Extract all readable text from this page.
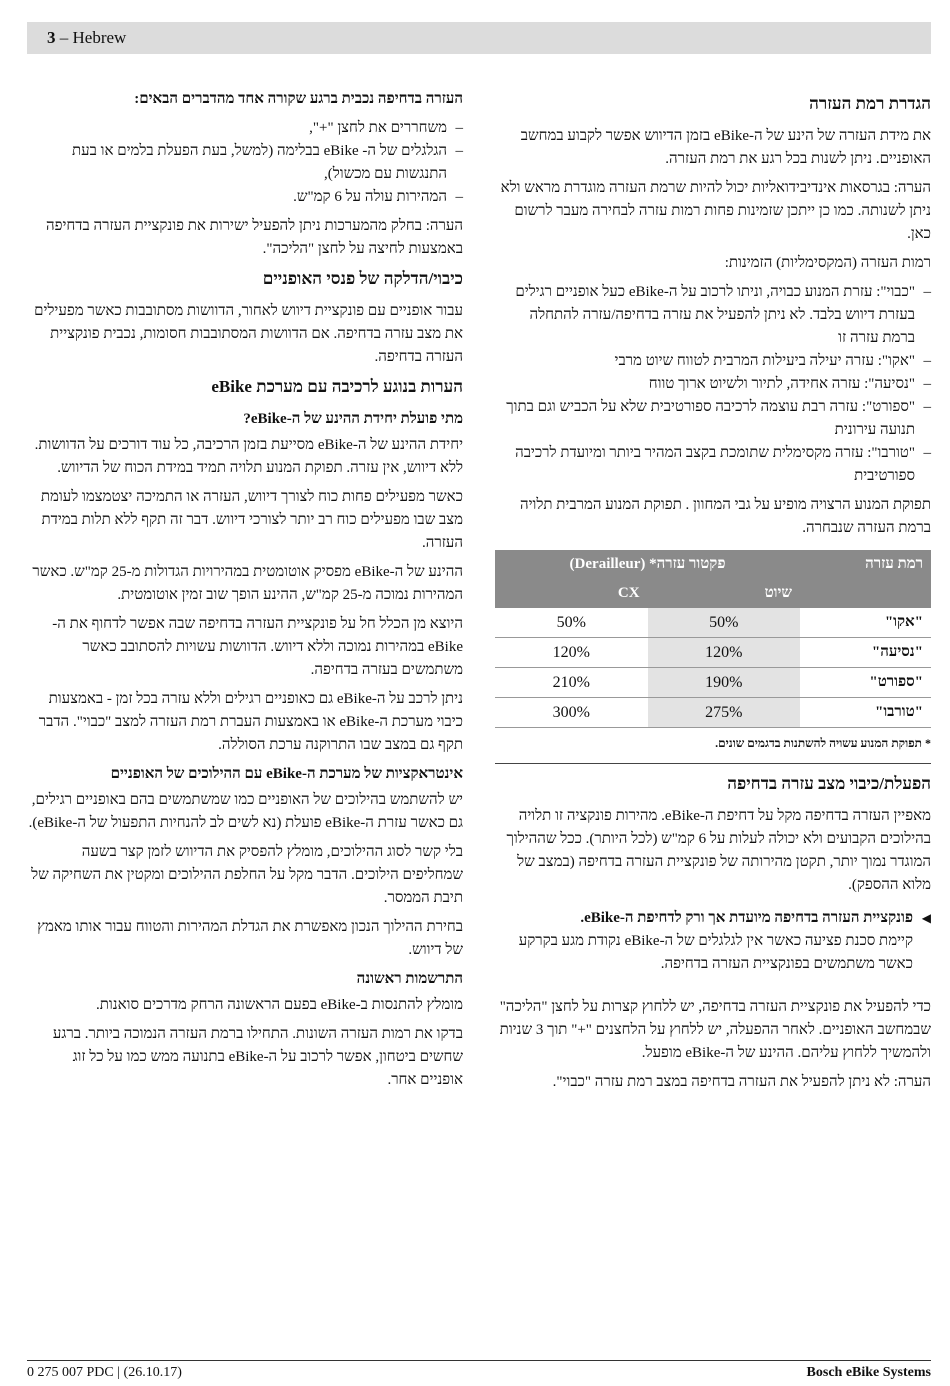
3 – Hebrew
הגדרת רמת העזרה

את מידת העזרה של הינע של ה-eBike בזמן הדיווש אפשר לקבוע במחשב האופניים. ניתן לשנות בכל רגע את רמת העזרה.

הערה: בגרסאות אינדיבידואליות יכול להיות שרמת העזרה מוגדרת מראש ולא ניתן לשנותה. כמו כן ייתכן שזמינות פחות רמות עזרה לבחירה מעבר לרשום כאן.

רמות העזרה (המקסימליות) הזמינות:

– "כבוי": עזרת המנוע כבויה, וניתו לרכוב על ה-eBike כעל אופניים רגילים בעזרת דיווש בלבד. לא ניתן להפעיל את עזרה בדחיפה/עזרה להתחלה ברמת עזרה זו
– "אקו": עזרה יעילה ביעילות המרבית לטווח שיוט מרבי
– "נסיעה": עזרה אחידה, לתיור ולשיוט ארוך טווח
– "ספורט": עזרה רבת עוצמה לרכיבה ספורטיבית שלא על הכביש וגם בתוך תנועה עירונית
– "טורבו": עזרה מקסימלית שתומכת בקצב המהיר ביותר ומיועדת לרכיבה ספורטיבית

תפוקת המנוע הרצויה מופיע על גבי המחוון . תפוקת המנוע המרבית תלויה ברמת העזרה שנבחרה.

רמת עזרה	פקטור עזרה* (Derailleur)	
	שיוט	CX
"אקו"	50%	50%
"נסיעה"	120%	120%
"ספורט"	190%	210%
"טורבו"	275%	300%
* תפוקת המנוע עשויה להשתנות בדגמים שונים.
הפעלת/כיבוי מצב עזרה בדחיפה

מאפיין העזרה בדחיפה מקל על דחיפת ה-eBike. מהירות פונקציה זו תלויה בהילוכים הקבועים ולא יכולה לעלות על 6 קמ"ש (לכל היותר). ככל שההילוך המוגדר נמוך יותר, תקטן מהירותה של פונקציית העזרה בדחיפה (במצב של מלוא ההספק).

◀
פונקציית העזרה בדחיפה מיועדת אך ורק לדחיפת ה-eBike.
קיימת סכנת פציעה כאשר אין לגלגלים של ה-eBike נקודת מגע בקרקע כאשר משתמשים בפונקציית העזרה בדחיפה.

כדי להפעיל את פונקציית העזרה בדחיפה, יש ללחוץ קצרות על לחצן "הליכה" שבמחשב האופניים. לאחר ההפעלה, יש ללחוץ על הלחצנים "+" תוך 3 שניות ולהמשיך ללחוץ עליהם. ההינע של ה-eBike מופעל.

הערה: לא ניתן להפעיל את העזרה בדחיפה במצב רמת עזרה "כבוי".

העזרה בדחיפה נכבית ברגע שקורה אחד מהדברים הבאים:

– משחררים את לחצן "+",
– הגלגלים של ה- eBike בבלימה (למשל, בעת הפעלת בלמים או בעת התנגשות עם מכשול),
– המהירות עולה על 6 קמ"ש.

הערה: בחלק מהמערכות ניתן להפעיל ישירות את פונקציית העזרה בדחיפה באמצעות לחיצה על לחצן "הליכה".

כיבוי/הדלקה של פנסי האופניים

עבור אופניים עם פונקציית דיווש לאחור, הדוושות מסתובבות כאשר מפעילים את מצב עזרה בדחיפה. אם הדוושות המסתובבות חסומות, נכבית פונקציית העזרה בדחיפה.

הערות בנוגע לרכיבה עם מערכת eBike
מתי פועלת יחידת ההינע של ה-eBike?

יחידת ההינע של ה-eBike מסייעת בזמן הרכיבה, כל עוד דורכים על הדוושות. ללא דיווש, אין עזרה. תפוקת המנוע תלויה תמיד במידת הכוח של הדיווש.

כאשר מפעילים פחות כוח לצורך דיווש, העזרה או התמיכה יצטמצמו לעומת מצב שבו מפעילים כוח רב יותר לצורכי דיווש. דבר זה תקף ללא תלות במידת העזרה.

ההינע של ה-eBike מפסיק אוטומטית במהירויות הגדולות מ-25 קמ"ש. כאשר המהירות נמוכה מ-25 קמ"ש, ההינע הופך שוב זמין אוטומטית.

היוצא מן הכלל חל על פונקציית העזרה בדחיפה שבה אפשר לדחוף את ה-eBike במהירות נמוכה וללא דיווש. הדוושות עשויות להסתובב כאשר משתמשים בעזרה בדחיפה.

ניתן לרכב על ה-eBike גם כאופניים רגילים וללא עזרה בכל זמן - באמצעות כיבוי מערכת ה-eBike או באמצעות העברת רמת העזרה למצב "כבוי". הדבר תקף גם במצב שבו התרוקנה ערכת הסוללה.

אינטראקציות של מערכת ה-eBike עם ההילוכים של האופניים

יש להשתמש בהילוכים של האופניים כמו שמשתמשים בהם באופניים רגילים, גם כאשר עזרת ה-eBike פועלת (נא לשים לב להנחיות התפעול של ה-eBike).

בלי קשר לסוג ההילוכים, מומלץ להפסיק את הדיווש לזמן קצר בשעה שמחליפים הילוכים. הדבר מקל על החלפת ההילוכים ומקטין את השחיקה של תיבת הממסר.

בחירת ההילוך הנכון מאפשרת את הגדלת המהירות והטווח עבור אותו מאמץ של דיווש.

התרשמות ראשונה

מומלץ להתנסות ב-eBike בפעם הראשונה הרחק מדרכים סואנות.

בדקו את רמות העזרה השונות. התחילו ברמת העזרה הנמוכה ביותר. ברגע שחשים ביטחון, אפשר לרכוב על ה-eBike בתנועה ממש כמו על כל זוג אופניים אחר.

0 275 007 PDC | (26.10.17)	Bosch eBike Systems
